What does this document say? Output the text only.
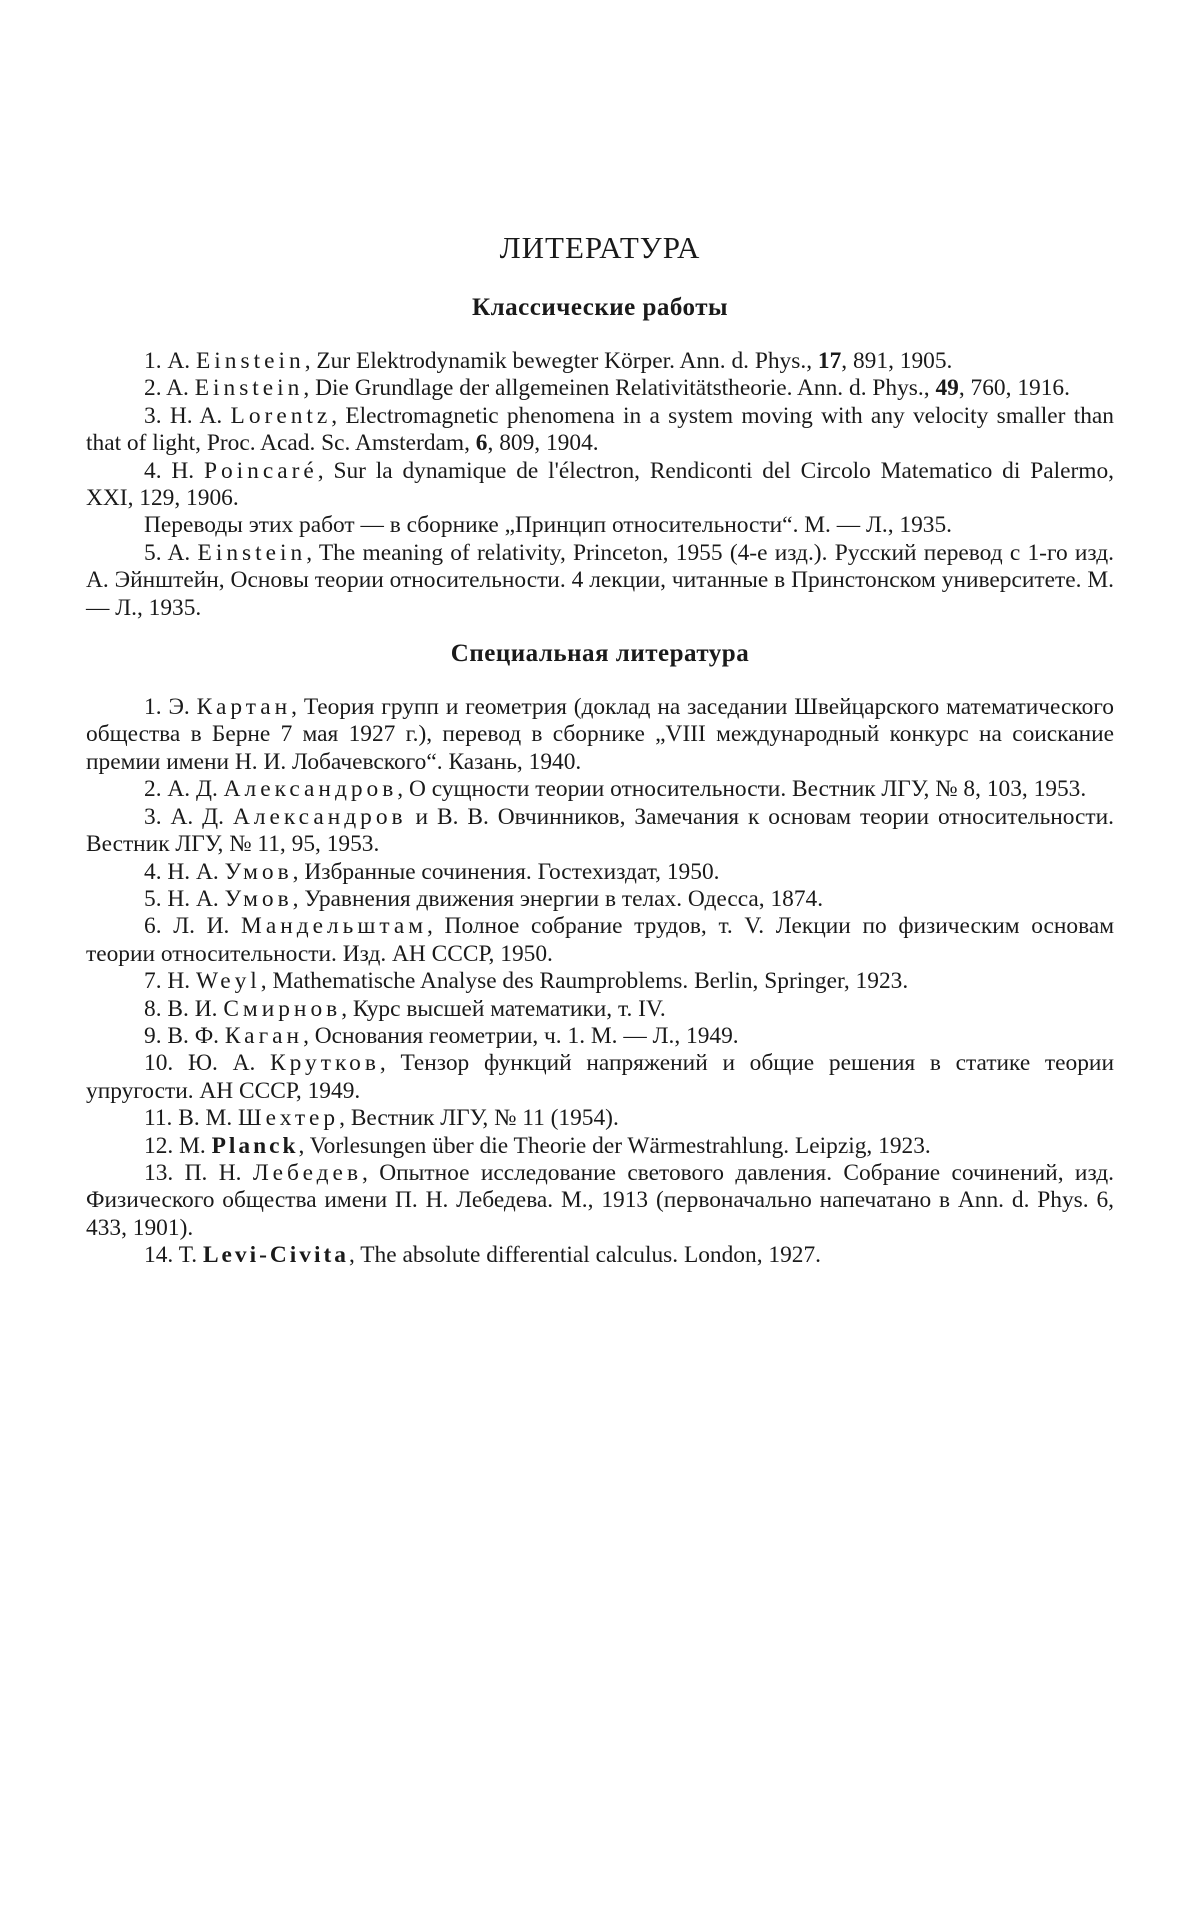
ЛИТЕРАТУРА
Классические работы

1. А. Einstein, Zur Elektrodynamik bewegter Körper. Ann. d. Phys., 17, 891, 1905.

2. A. Einstein, Die Grundlage der allgemeinen Relativitätstheorie. Ann. d. Phys., 49, 760, 1916.

3. H. A. Lorentz, Electromagnetic phenomena in a system moving with any velocity smaller than that of light, Proc. Acad. Sc. Amsterdam, 6, 809, 1904.

4. H. Poincaré, Sur la dynamique de l'électron, Rendiconti del Circolo Matematico di Palermo, XXI, 129, 1906.

Переводы этих работ — в сборнике „Принцип относительности“. М. — Л., 1935.

5. A. Einstein, The meaning of relativity, Princeton, 1955 (4-е изд.). Русский перевод с 1-го изд. А. Эйнштейн, Основы теории относительности. 4 лекции, читанные в Принстонском университете. М. — Л., 1935.

Специальная литература

1. Э. Картан, Теория групп и геометрия (доклад на заседании Швейцарского математического общества в Берне 7 мая 1927 г.), перевод в сборнике „VIII международный конкурс на соискание премии имени Н. И. Лобачевского“. Казань, 1940.

2. А. Д. Александров, О сущности теории относительности. Вестник ЛГУ, № 8, 103, 1953.

3. А. Д. Александров и В. В. Овчинников, Замечания к основам теории относительности. Вестник ЛГУ, № 11, 95, 1953.

4. Н. А. Умов, Избранные сочинения. Гостехиздат, 1950.

5. Н. А. Умов, Уравнения движения энергии в телах. Одесса, 1874.

6. Л. И. Мандельштам, Полное собрание трудов, т. V. Лекции по физическим основам теории относительности. Изд. АН СССР, 1950.

7. H. Weyl, Mathematische Analyse des Raumproblems. Berlin, Springer, 1923.

8. В. И. Смирнов, Курс высшей математики, т. IV.

9. В. Ф. Каган, Основания геометрии, ч. 1. М. — Л., 1949.

10. Ю. А. Крутков, Тензор функций напряжений и общие решения в статике теории упругости. АН СССР, 1949.

11. В. М. Шехтер, Вестник ЛГУ, № 11 (1954).

12. M. Planck, Vorlesungen über die Theorie der Wärmestrahlung. Leipzig, 1923.

13. П. Н. Лебедев, Опытное исследование светового давления. Собрание сочинений, изд. Физического общества имени П. Н. Лебедева. М., 1913 (первоначально напечатано в Ann. d. Phys. 6, 433, 1901).

14. T. Levi-Civita, The absolute differential calculus. London, 1927.
